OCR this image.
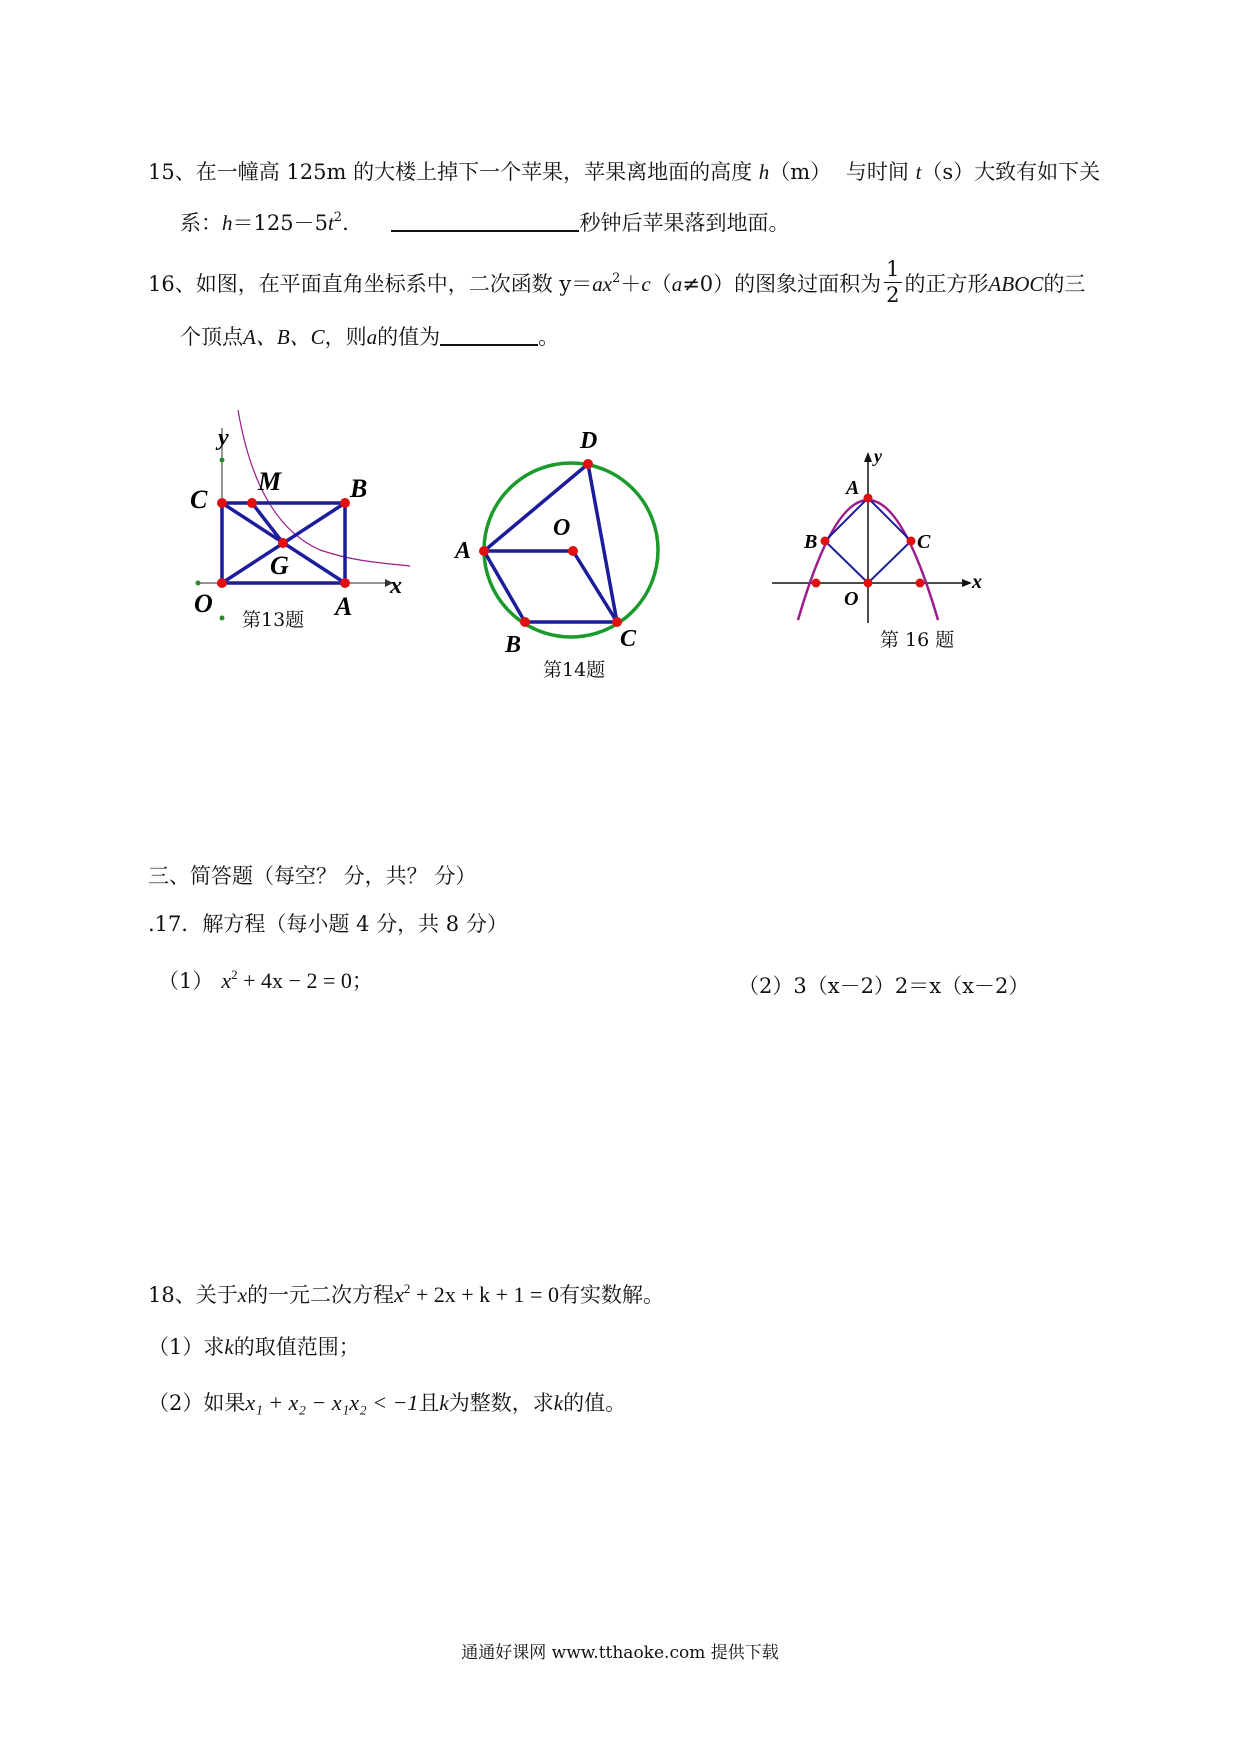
15、在一幢高 125m 的大楼上掉下一个苹果，苹果离地面的高度 h（m） 与时间 t（s）大致有如下关
系：$h=125-5t^2$.	秒钟后苹果落到地面。
16、如图，在平面直角坐标系中，二次函数 $y=ax^2+c(a\ne 0)$的图象过面积为 $\frac{1}{2}$ 的正方形ABOC的三
个顶点A、B、C，则a的值为	。
y
x
C
M	B
G
O	A
第13题
D
O
A
B	C
第14题
y
x
A
B	C
O
第 16 题
三、简答题（每空？ 分，共？ 分）
.17．解方程（每小题 4 分，共 8 分）
（1） $x^2 + 4x - 2 = 0$；	（2）3（x－2）2＝x（x－2）
18、关于x的一元二次方程$x^2 + 2x + k + 1 = 0$有实数解。
（1）求k的取值范围；
（2）如果x₁ + x₂ − x₁x₂ < −1且k为整数，求k的值。
通通好课网 www.tthaoke.com 提供下载
